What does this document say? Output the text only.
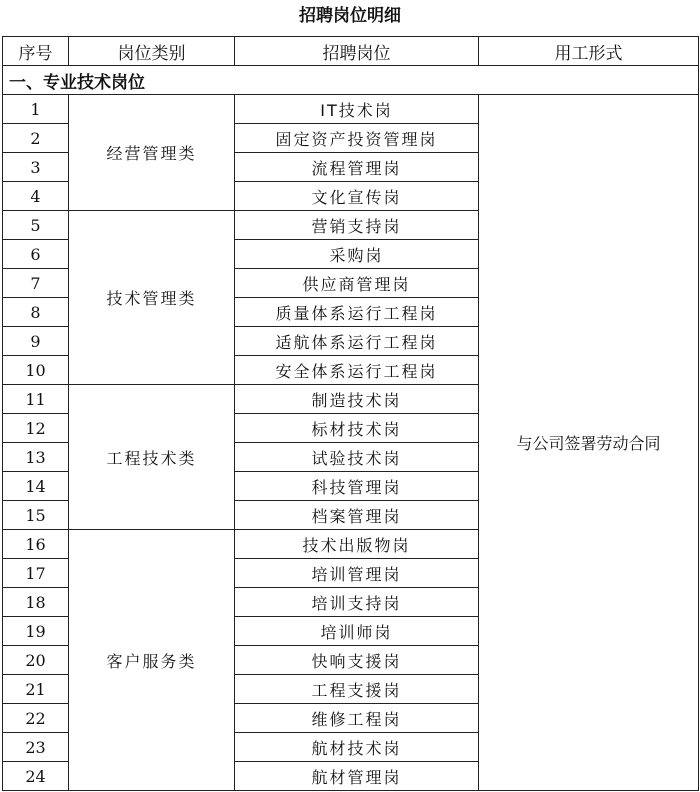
招聘岗位明细
序号	岗位类别	招聘岗位	用工形式
一、专业技术岗位			
1	经营管理类	IT技术岗	与公司签署劳动合同
2		固定资产投资管理岗	
3		流程管理岗	
4		文化宣传岗	
5	技术管理类	营销支持岗	
6		采购岗	
7		供应商管理岗	
8		质量体系运行工程岗	
9		适航体系运行工程岗	
10		安全体系运行工程岗	
11	工程技术类	制造技术岗	
12		标材技术岗	
13		试验技术岗	
14		科技管理岗	
15		档案管理岗	
16	客户服务类	技术出版物岗	
17		培训管理岗	
18		培训支持岗	
19		培训师岗	
20		快响支援岗	
21		工程支援岗	
22		维修工程岗	
23		航材技术岗	
24		航材管理岗	
